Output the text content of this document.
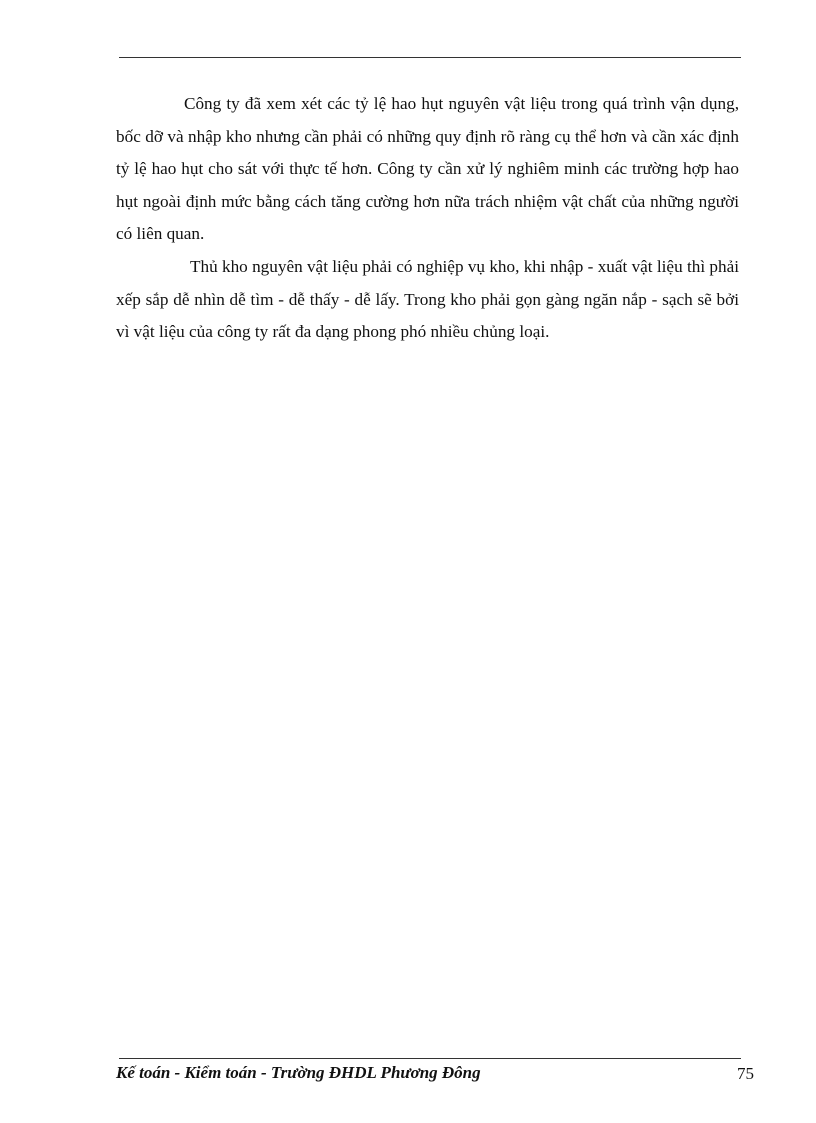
Công ty đã xem xét các tỷ lệ hao hụt nguyên vật liệu trong quá trình vận dụng, bốc dỡ và nhập kho nhưng cần phải có những quy định rõ ràng cụ thể hơn và cần xác định tỷ lệ hao hụt cho sát với thực tế hơn. Công ty cần xử lý nghiêm minh các trường hợp hao hụt ngoài định mức bằng cách tăng cường hơn nữa trách nhiệm vật chất của những người có liên quan.

Thủ kho nguyên vật liệu phải có nghiệp vụ kho, khi nhập - xuất vật liệu thì phải xếp sắp dễ nhìn dễ tìm - dễ thấy - dễ lấy. Trong kho phải gọn gàng ngăn nắp - sạch sẽ bởi vì vật liệu của công ty rất đa dạng phong phó nhiều chủng loại.

Kế toán - Kiểm toán - Trường ĐHDL Phương Đông	75
